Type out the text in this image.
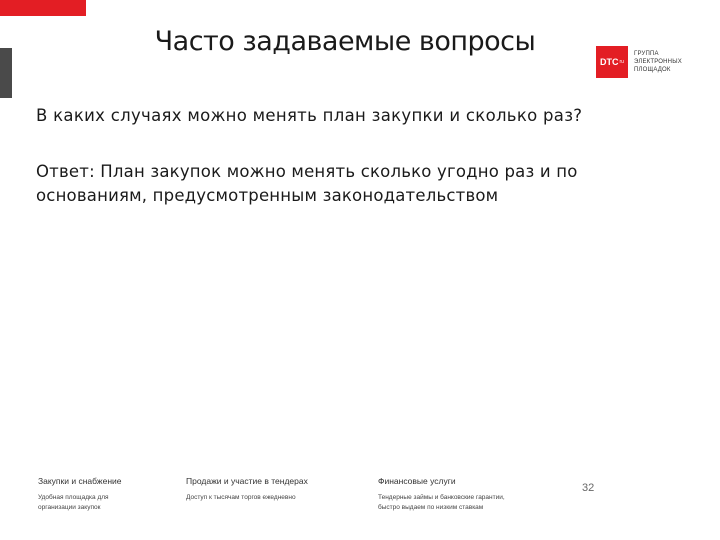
Часто задаваемые вопросы
DTC ru
ГРУППА
ЭЛЕКТРОННЫХ
ПЛОЩАДОК
В каких случаях можно менять план закупки и сколько раз?
Ответ: План закупок можно менять сколько угодно раз и по
основаниям, предусмотренным законодательством
Закупки и снабжение
Удобная площадка для
организации закупок
Продажи и участие в тендерах
Доступ к тысячам торгов ежедневно
Финансовые услуги
Тендерные займы и банковские гарантии,
быстро выдаем по низким ставкам
32
